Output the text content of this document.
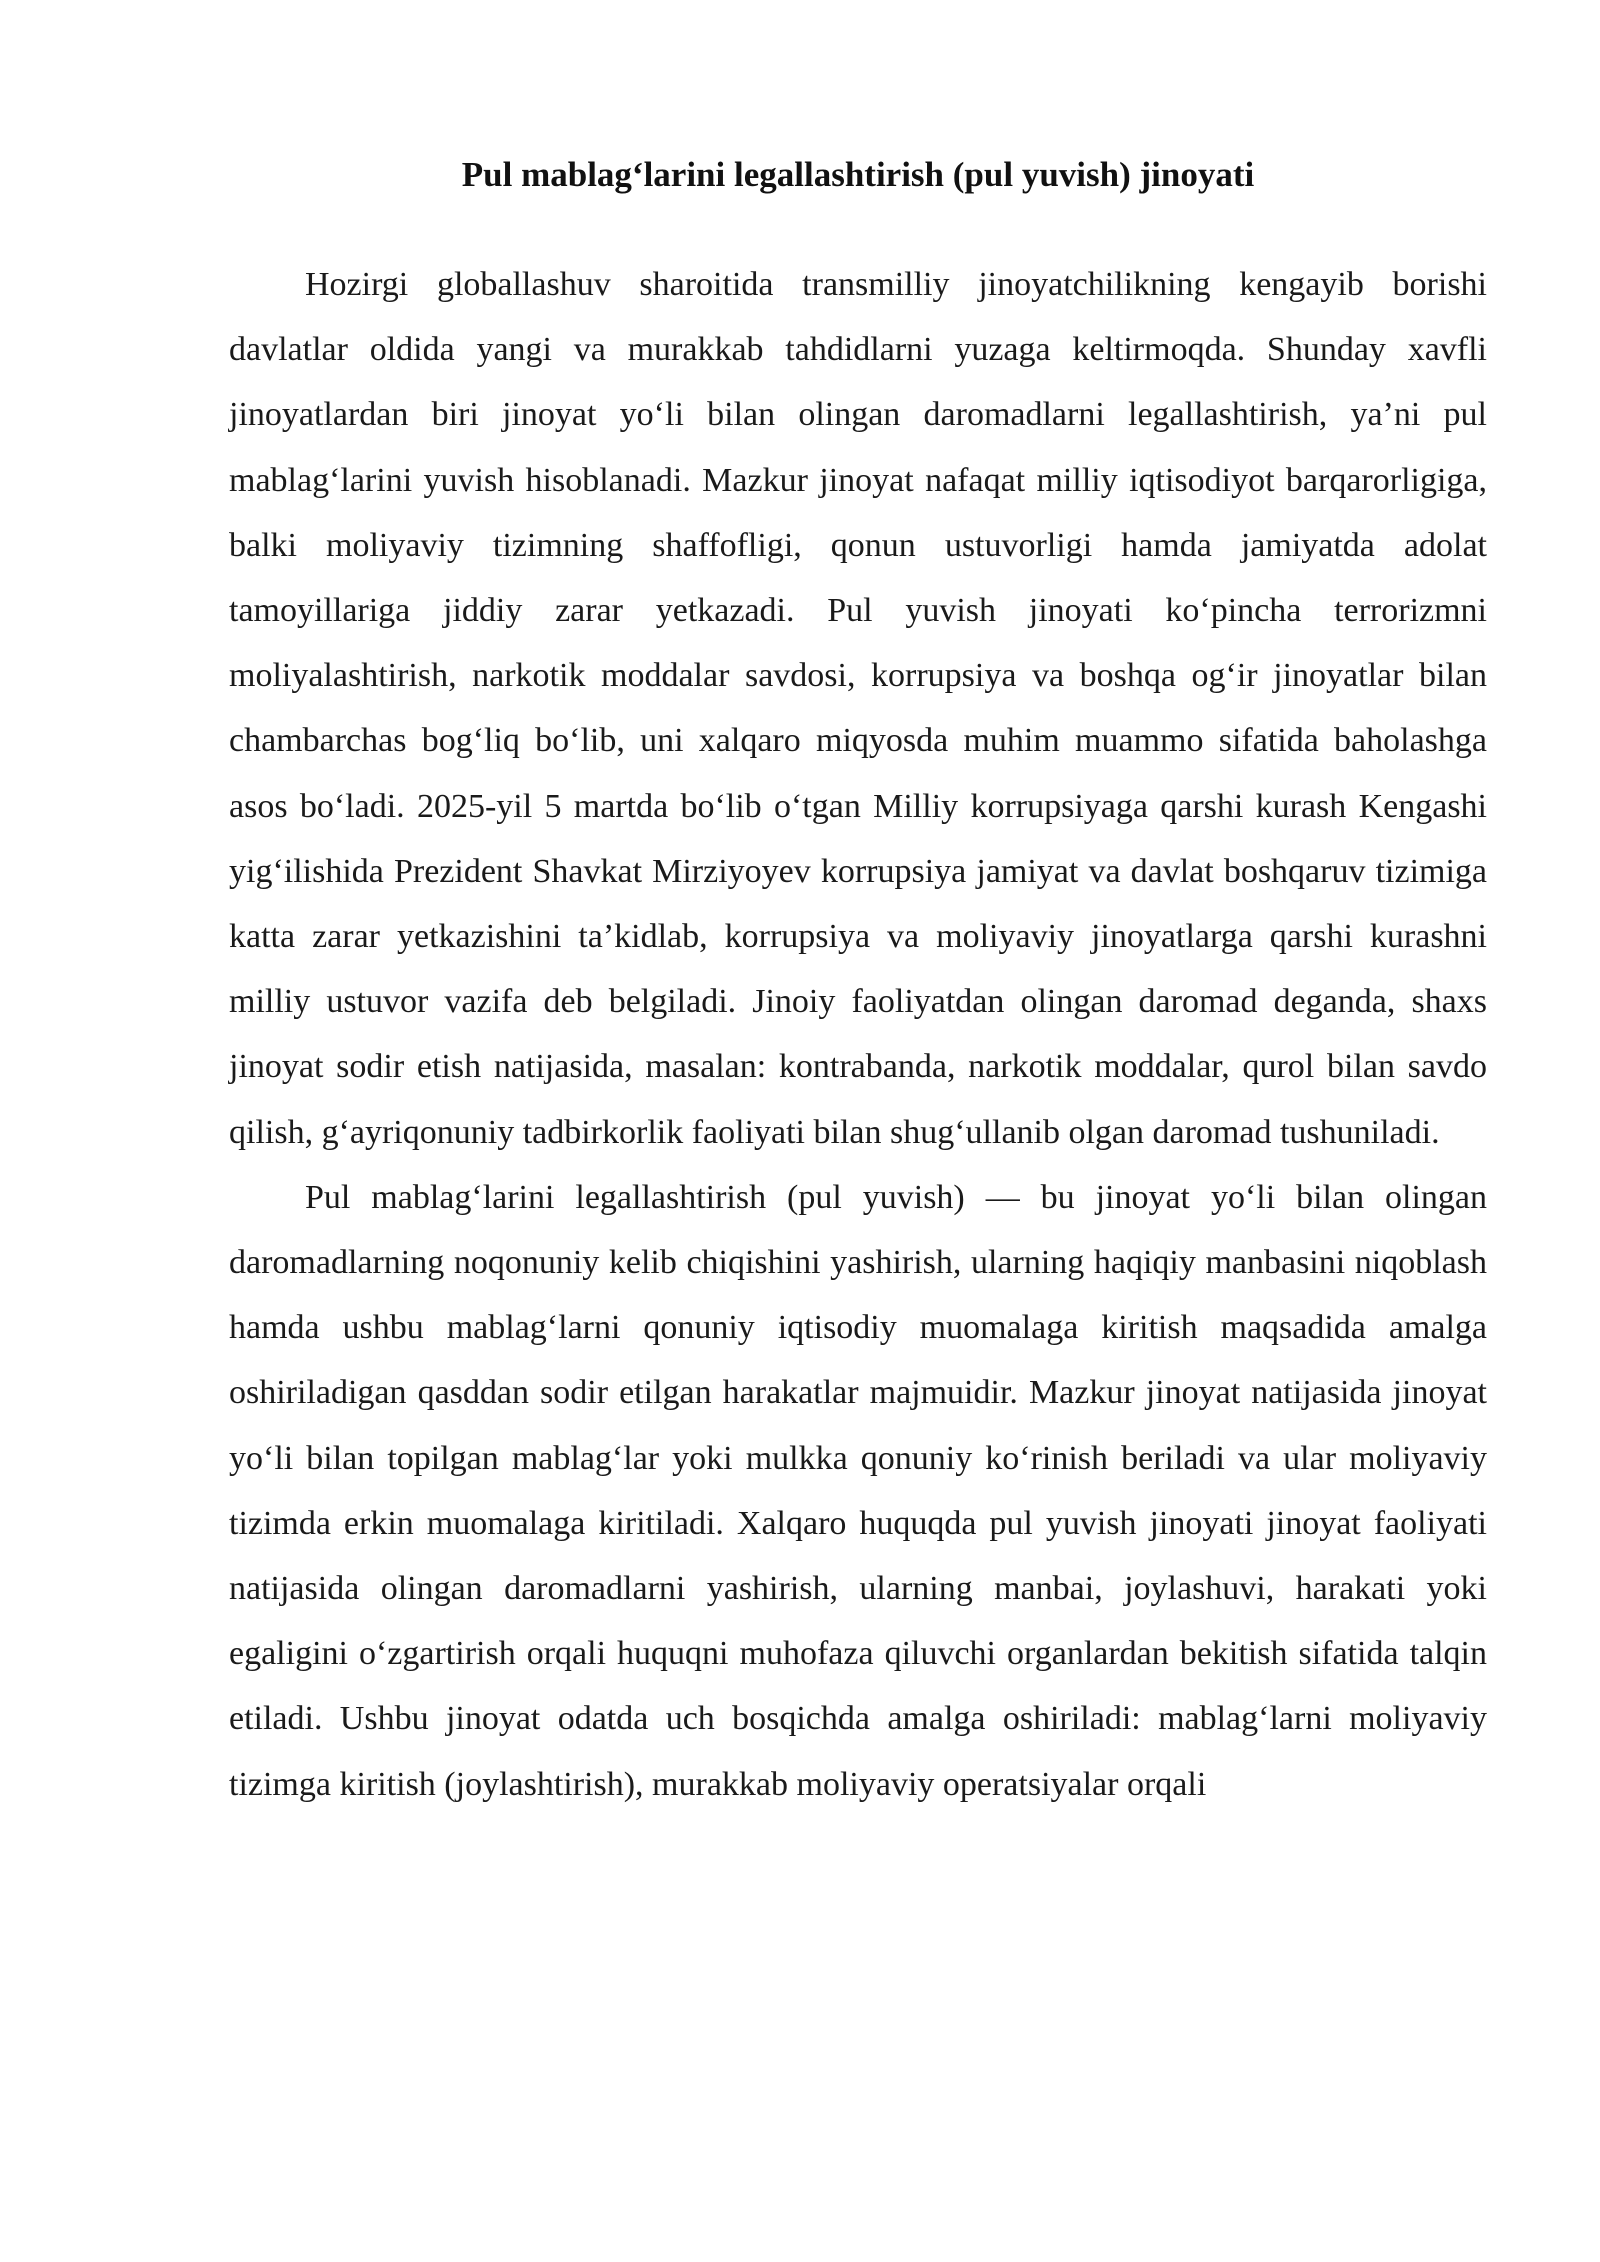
Pul mablag‘larini legallashtirish (pul yuvish) jinoyati

Hozirgi globallashuv sharoitida transmilliy jinoyatchilikning kengayib borishi davlatlar oldida yangi va murakkab tahdidlarni yuzaga keltirmoqda. Shunday xavfli jinoyatlardan biri jinoyat yo‘li bilan olingan daromadlarni legallashtirish, ya’ni pul mablag‘larini yuvish hisoblanadi. Mazkur jinoyat nafaqat milliy iqtisodiyot barqarorligiga, balki moliyaviy tizimning shaffofligi, qonun ustuvorligi hamda jamiyatda adolat tamoyillariga jiddiy zarar yetkazadi. Pul yuvish jinoyati ko‘pincha terrorizmni moliyalashtirish, narkotik moddalar savdosi, korrupsiya va boshqa og‘ir jinoyatlar bilan chambarchas bog‘liq bo‘lib, uni xalqaro miqyosda muhim muammo sifatida baholashga asos bo‘ladi. 2025-yil 5 martda bo‘lib o‘tgan Milliy korrupsiyaga qarshi kurash Kengashi yig‘ilishida Prezident Shavkat Mirziyoyev korrupsiya jamiyat va davlat boshqaruv tizimiga katta zarar yetkazishini ta’kidlab, korrupsiya va moliyaviy jinoyatlarga qarshi kurashni milliy ustuvor vazifa deb belgiladi. Jinoiy faoliyatdan olingan daromad deganda, shaxs jinoyat sodir etish natijasida, masalan: kontrabanda, narkotik moddalar, qurol bilan savdo qilish, g‘ayriqonuniy tadbirkorlik faoliyati bilan shug‘ullanib olgan daromad tushuniladi.

Pul mablag‘larini legallashtirish (pul yuvish) — bu jinoyat yo‘li bilan olingan daromadlarning noqonuniy kelib chiqishini yashirish, ularning haqiqiy manbasini niqoblash hamda ushbu mablag‘larni qonuniy iqtisodiy muomalaga kiritish maqsadida amalga oshiriladigan qasddan sodir etilgan harakatlar majmuidir. Mazkur jinoyat natijasida jinoyat yo‘li bilan topilgan mablag‘lar yoki mulkka qonuniy ko‘rinish beriladi va ular moliyaviy tizimda erkin muomalaga kiritiladi. Xalqaro huquqda pul yuvish jinoyati jinoyat faoliyati natijasida olingan daromadlarni yashirish, ularning manbai, joylashuvi, harakati yoki egaligini o‘zgartirish orqali huquqni muhofaza qiluvchi organlardan bekitish sifatida talqin etiladi. Ushbu jinoyat odatda uch bosqichda amalga oshiriladi: mablag‘larni moliyaviy tizimga kiritish (joylashtirish), murakkab moliyaviy operatsiyalar orqali
